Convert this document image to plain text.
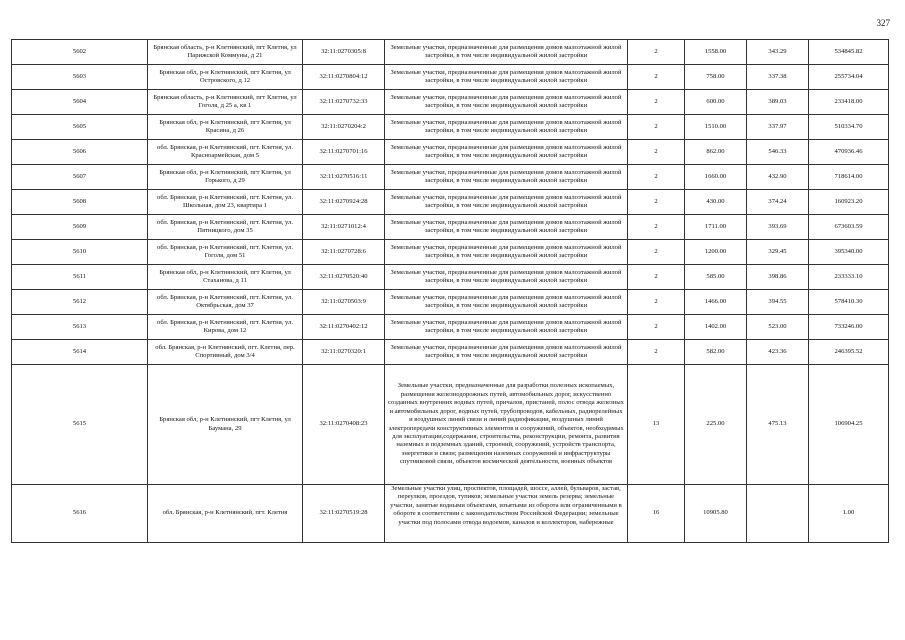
327
5602	Брянская область, р-н Клетнянский, пгт Клетня, ул Парижской Коммуны, д 21	32:11:0270305:8	Земельные участки, предназначенные для размещения домов малоэтажной жилой застройки, в том числе индивидуальной жилой застройки	2	1558.00	343.29	534845.82
5603	Брянская обл, р-н Клетнянский, пгт Клетня, ул Островского, д 12	32:11:0270804:12	Земельные участки, предназначенные для размещения домов малоэтажной жилой застройки, в том числе индивидуальной жилой застройки	2	758.00	337.38	255734.04
5604	Брянская область, р-н Клетнянский, пгт Клетня, ул Гоголя, д 25 а, кв 1	32:11:0270732:33	Земельные участки, предназначенные для размещения домов малоэтажной жилой застройки, в том числе индивидуальной жилой застройки	2	600.00	389.03	233418.00
5605	Брянская обл, р-н Клетнянский, пгт Клетня, ул Красина, д 26	32:11:0270204:2	Земельные участки, предназначенные для размещения домов малоэтажной жилой застройки, в том числе индивидуальной жилой застройки	2	1510.00	337.97	510334.70
5606	обл. Брянская, р-н Клетнянский, пгт. Клетня, ул. Красноармейская, дом 5	32:11:0270701:16	Земельные участки, предназначенные для размещения домов малоэтажной жилой застройки, в том числе индивидуальной жилой застройки	2	862.00	546.33	470936.46
5607	Брянская обл, р-н Клетнянский, пгт Клетня, ул Горького, д 29	32:11:0270516:11	Земельные участки, предназначенные для размещения домов малоэтажной жилой застройки, в том числе индивидуальной жилой застройки	2	1660.00	432.90	718614.00
5608	обл. Брянская, р-н Клетнянский, пгт. Клетня, ул. Школьная, дом 23, квартира 1	32:11:0270924:28	Земельные участки, предназначенные для размещения домов малоэтажной жилой застройки, в том числе индивидуальной жилой застройки	2	430.00	374.24	160923.20
5609	обл. Брянская, р-н Клетнянский, пгт. Клетня, ул. Пятницкого, дом 35	32:11:0271012:4	Земельные участки, предназначенные для размещения домов малоэтажной жилой застройки, в том числе индивидуальной жилой застройки	2	1711.00	393.69	673603.59
5610	обл. Брянская, р-н Клетнянский, пгт. Клетня, ул. Гоголя, дом 51	32:11:0270728:6	Земельные участки, предназначенные для размещения домов малоэтажной жилой застройки, в том числе индивидуальной жилой застройки	2	1200.00	329.45	395340.00
5611	Брянская обл, р-н Клетнянский, пгт Клетня, ул Стаханова, д 11	32:11:0270520:40	Земельные участки, предназначенные для размещения домов малоэтажной жилой застройки, в том числе индивидуальной жилой застройки	2	585.00	398.86	233333.10
5612	обл. Брянская, р-н Клетнянский, пгт. Клетня, ул. Октябрьская, дом 37	32:11:0270503:9	Земельные участки, предназначенные для размещения домов малоэтажной жилой застройки, в том числе индивидуальной жилой застройки	2	1466.00	394.55	578410.30
5613	обл. Брянская, р-н Клетнянский, пгт. Клетня, ул. Кирова, дом 12	32:11:0270402:12	Земельные участки, предназначенные для размещения домов малоэтажной жилой застройки, в том числе индивидуальной жилой застройки	2	1402.00	523.00	733246.00
5614	обл. Брянская, р-н Клетнянский, пгт. Клетня, пер. Спортивный, дом 3/4	32:11:0270320:1	Земельные участки, предназначенные для размещения домов малоэтажной жилой застройки, в том числе индивидуальной жилой застройки	2	582.00	423.36	246395.52
5615	Брянская обл, р-н Клетнянский, пгт Клетня, ул Баумана, 29	32:11:0270408:23	Земельные участки, предназначенные для разработки полезных ископаемых, размещения железнодорожных путей, автомобильных дорог, искусственно созданных внутренних водных путей, причалов, пристаней, полос отвода железных и автомобильных дорог, водных путей, трубопроводов, кабельных, радиорелейных и воздушных линий связи и линий радиофикации, воздушных линий электропередачи конструктивных элементов и сооружений, объектов, необходимых для эксплуатации,содержания, строительства, реконструкции, ремонта, развития наземных и подземных зданий, строений, сооружений, устройств транспорта, энергетики и связи; размещения наземных сооружений и инфраструктуры спутниковой связи, объектов космической деятельности, военных объектов	13	225.00	475.13	106904.25
5616	обл. Брянская, р-н Клетнянский, пгт. Клетня	32:11:0270519:28	Земельные участки улиц, проспектов, площадей, шоссе, аллей, бульваров, застав, переулков, проездов, тупиков; земельные участки земель резерва; земельные участки, занятые водными объектами, изъятыми из оборота или ограниченными в обороте в соответствии с законодательством Российской Федерации; земельные участки под полосами отвода водоемов, каналов и коллекторов, набережные	16	10905.80		1.00
